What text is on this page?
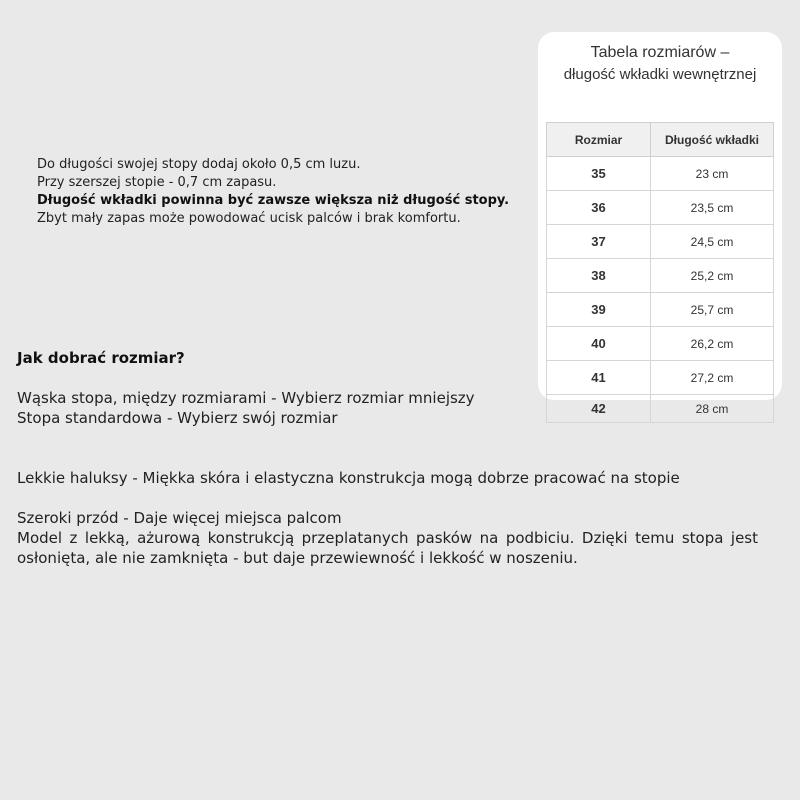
Do długości swojej stopy dodaj około 0,5 cm luzu.
Przy szerszej stopie - 0,7 cm zapasu.
Długość wkładki powinna być zawsze większa niż długość stopy.
Zbyt mały zapas może powodować ucisk palców i brak komfortu.
Tabela rozmiarów –
długość wkładki wewnętrznej
Rozmiar	Długość wkładki
35	23 cm
36	23,5 cm
37	24,5 cm
38	25,2 cm
39	25,7 cm
40	26,2 cm
41	27,2 cm
42	28 cm
Jak dobrać rozmiar?
Wąska stopa, między rozmiarami - Wybierz rozmiar mniejszy
Stopa standardowa - Wybierz swój rozmiar
Lekkie haluksy - Miękka skóra i elastyczna konstrukcja mogą dobrze pracować na stopie
Szeroki przód - Daje więcej miejsca palcom
Model z lekką, ażurową konstrukcją przeplatanych pasków na podbiciu. Dzięki temu stopa jest osłonięta, ale nie zamknięta - but daje przewiewność i lekkość w noszeniu.
